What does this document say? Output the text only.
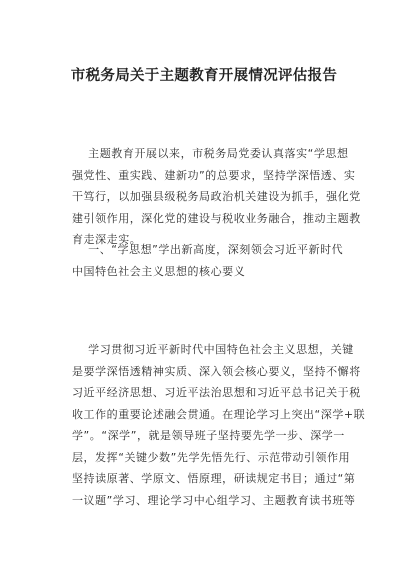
市税务局关于主题教育开展情况评估报告
主题教育开展以来，市税务局党委认真落实“学思想
强党性、重实践、建新功”的总要求，坚持学深悟透、实
干笃行，以加强县级税务局政治机关建设为抓手，强化党
建引领作用，深化党的建设与税收业务融合，推动主题教
育走深走实。
一、“学思想”学出新高度，深刻领会习近平新时代
中国特色社会主义思想的核心要义
学习贯彻习近平新时代中国特色社会主义思想，关键
是要学深悟透精神实质、深入领会核心要义，坚持不懈将
习近平经济思想、习近平法治思想和习近平总书记关于税
收工作的重要论述融会贯通。在理论学习上突出“深学+联
学”。“深学”，就是领导班子坚持要先学一步、深学一
层，发挥“关键少数”先学先悟先行、示范带动引领作用
坚持读原著、学原文、悟原理，研读规定书目；通过“第
一议题”学习、理论学习中心组学习、主题教育读书班等
